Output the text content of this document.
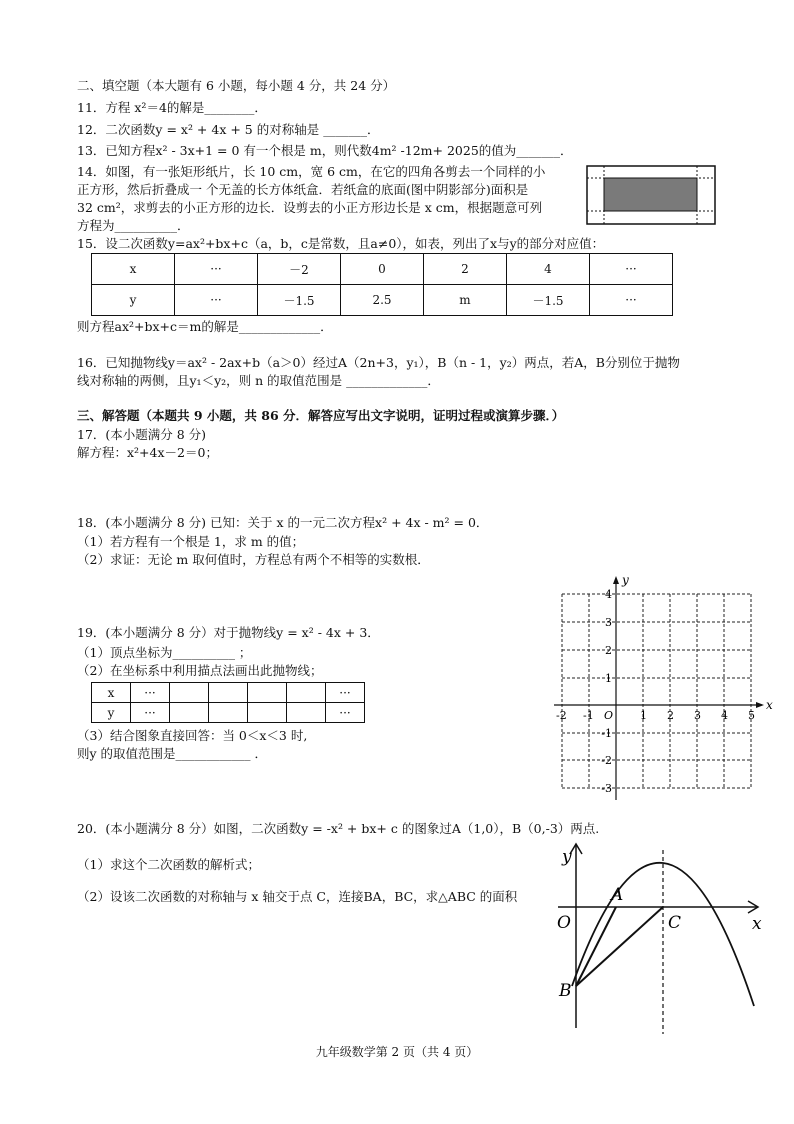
二、填空题（本大题有 6 小题，每小题 4 分，共 24 分）
11．方程 x²＝4的解是________．
12．二次函数y = x² + 4x + 5 的对称轴是 _______．
13．已知方程x² - 3x+1 = 0 有一个根是 m，则代数4m² -12m+ 2025的值为_______．
14．如图，有一张矩形纸片，长 10 cm，宽 6 cm，在它的四角各剪去一个同样的小
正方形，然后折叠成一 个无盖的长方体纸盒．若纸盒的底面(图中阴影部分)面积是
32 cm²，求剪去的小正方形的边长．设剪去的小正方形边长是 x cm，根据题意可列
方程为__________．
15．设二次函数y=ax²+bx+c（a，b，c是常数，且a≠0），如表，列出了x与y的部分对应值：
x	···	－2	0	2	4	···
y	···	－1.5	2.5	m	－1.5	···
则方程ax²+bx+c＝m的解是_____________．
16．已知抛物线y＝ax² - 2ax+b（a＞0）经过A（2n+3，y₁），B（n - 1，y₂）两点，若A，B分别位于抛物
线对称轴的两侧，且y₁＜y₂，则 n 的取值范围是 _____________．
三、解答题（本题共 9 小题，共 86 分．解答应写出文字说明，证明过程或演算步骤．）
17．(本小题满分 8 分)
解方程：x²+4x－2＝0；
18．(本小题满分 8 分) 已知：关于 x 的一元二次方程x² + 4x - m² = 0．
（1）若方程有一个根是 1，求 m 的值；
（2）求证：无论 m 取何值时，方程总有两个不相等的实数根．
19．(本小题满分 8 分）对于抛物线y = x² - 4x + 3．
（1）顶点坐标为__________ ；
（2）在坐标系中利用描点法画出此抛物线；
x	···					···
y	···					···
（3）结合图象直接回答：当 0＜x＜3 时,
则y 的取值范围是____________ ．
x
y
-2 -1 O 1 2 3 4 5
4
3
2
1
-1
-2
-3
20．(本小题满分 8 分）如图，二次函数y = -x² + bx+ c 的图象过A（1,0），B（0,-3）两点.
（1）求这个二次函数的解析式；
（2）设该二次函数的对称轴与 x 轴交于点 C，连接BA，BC，求△ABC 的面积
y
x
O
A
B
C
九年级数学第 2 页（共 4 页）
